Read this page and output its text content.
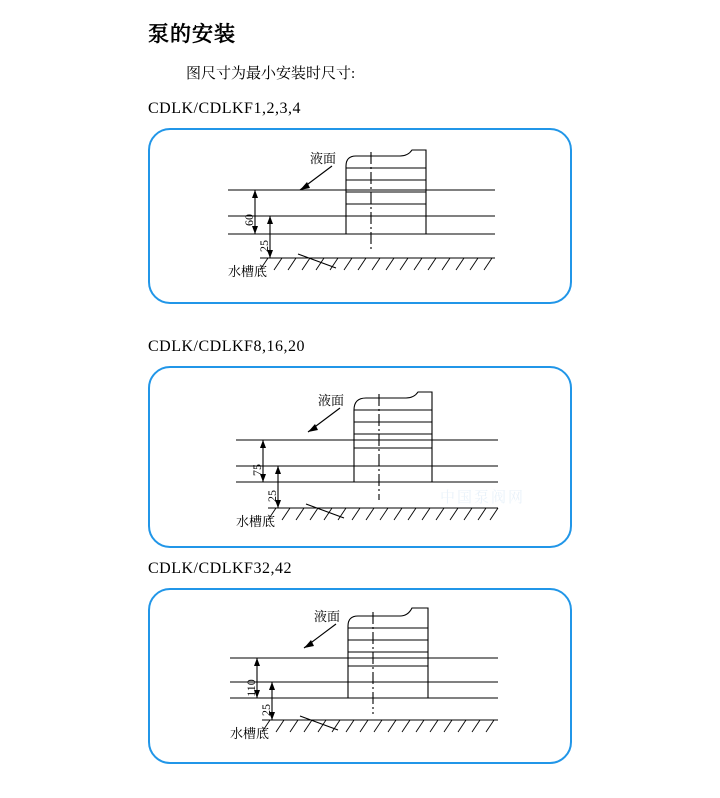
泵的安装
图尺寸为最小安装时尺寸:
CDLK/CDLKF1,2,3,4
60
25
液面
水槽底
CDLK/CDLKF8,16,20
75
25
液面
水槽底
中国泵阀网
CDLK/CDLKF32,42
110
25
液面
水槽底
